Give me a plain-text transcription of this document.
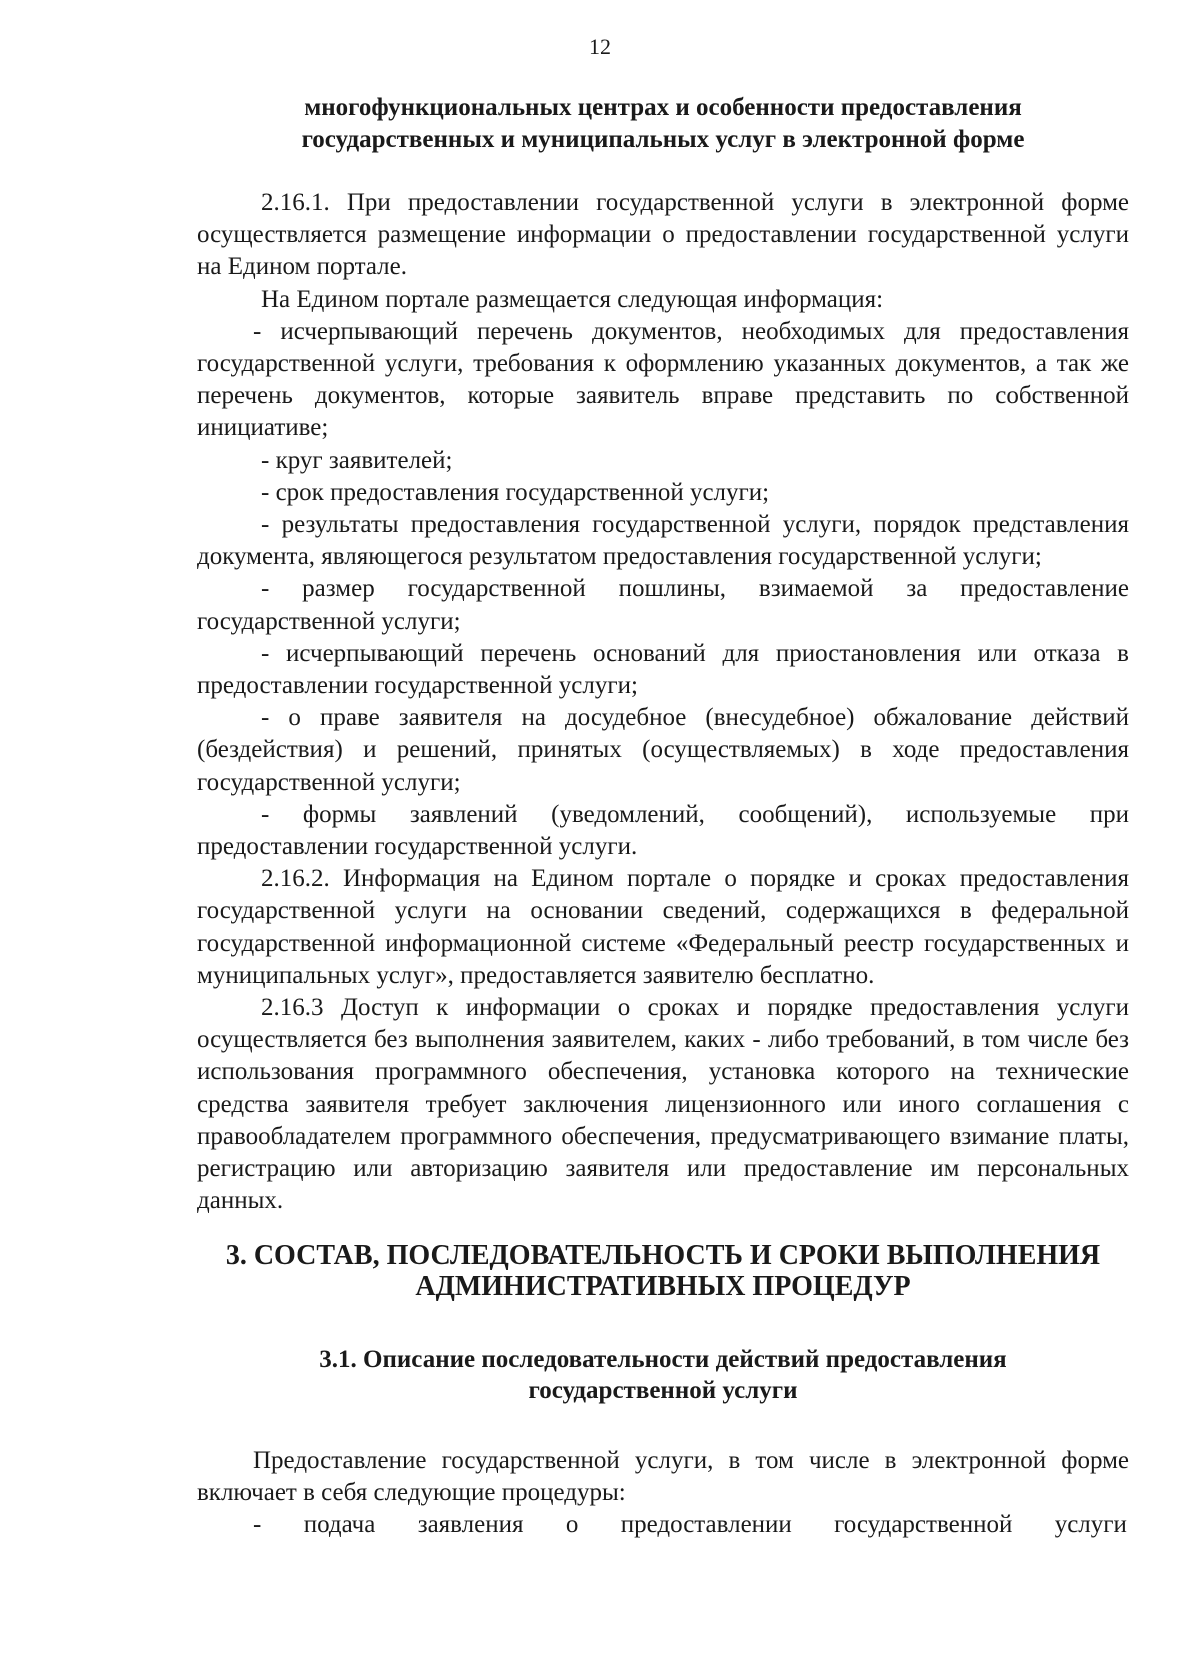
12
многофункциональных центрах и особенности предоставления
государственных и муниципальных услуг в электронной форме

2.16.1. При предоставлении государственной услуги в электронной форме осуществляется размещение информации о предоставлении государственной услуги на Едином портале.

На Едином портале размещается следующая информация:

- исчерпывающий перечень документов, необходимых для предоставления государственной услуги, требования к оформлению указанных документов, а так же перечень документов, которые заявитель вправе представить по собственной инициативе;

- круг заявителей;

- срок предоставления государственной услуги;

- результаты предоставления государственной услуги, порядок представления документа, являющегося результатом предоставления государственной услуги;

- размер государственной пошлины, взимаемой за предоставление государственной услуги;

- исчерпывающий перечень оснований для приостановления или отказа в предоставлении государственной услуги;

- о праве заявителя на досудебное (внесудебное) обжалование действий (бездействия) и решений, принятых (осуществляемых) в ходе предоставления государственной услуги;

- формы заявлений (уведомлений, сообщений), используемые при предоставлении государственной услуги.

2.16.2. Информация на Едином портале о порядке и сроках предоставления государственной услуги на основании сведений, содержащихся в федеральной государственной информационной системе «Федеральный реестр государственных и муниципальных услуг», предоставляется заявителю бесплатно.

2.16.3 Доступ к информации о сроках и порядке предоставления услуги осуществляется без выполнения заявителем, каких - либо требований, в том числе без использования программного обеспечения, установка которого на технические средства заявителя требует заключения лицензионного или иного соглашения с правообладателем программного обеспечения, предусматривающего взимание платы, регистрацию или авторизацию заявителя или предоставление им персональных данных.

3. СОСТАВ, ПОСЛЕДОВАТЕЛЬНОСТЬ И СРОКИ ВЫПОЛНЕНИЯ
АДМИНИСТРАТИВНЫХ ПРОЦЕДУР
3.1. Описание последовательности действий предоставления
государственной услуги

Предоставление государственной услуги, в том числе в электронной форме включает в себя следующие процедуры:

- подача заявления о предоставлении государственной услуги
